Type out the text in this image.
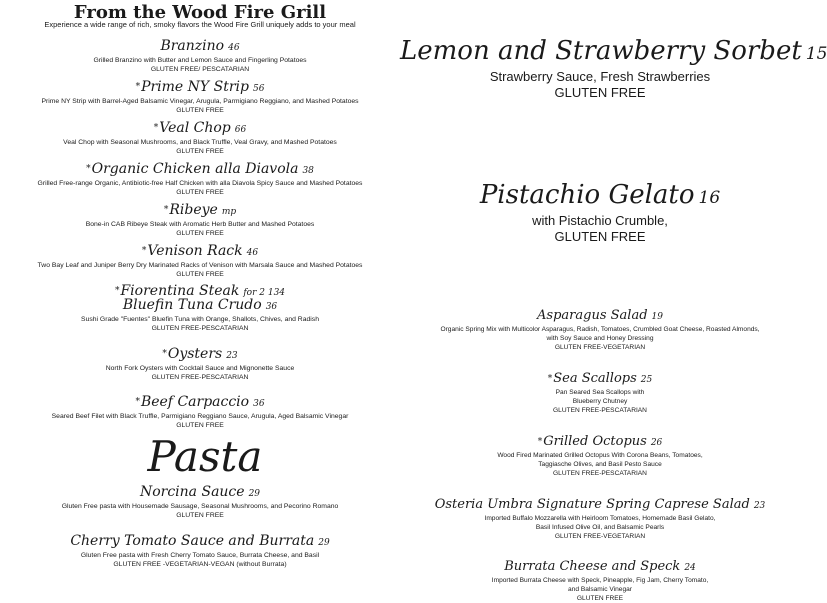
From the Wood Fire Grill
Experience a wide range of rich, smoky flavors the Wood Fire Grill uniquely adds to your meal
Branzino 46
Grilled Branzino with Butter and Lemon Sauce and Fingerling Potatoes
GLUTEN FREE/ PESCATARIAN
*Prime NY Strip 56
Prime NY Strip with Barrel-Aged Balsamic Vinegar, Arugula, Parmigiano Reggiano, and Mashed Potatoes
GLUTEN FREE
*Veal Chop 66
Veal Chop with Seasonal Mushrooms, and Black Truffle, Veal Gravy, and Mashed Potatoes
GLUTEN FREE
*Organic Chicken alla Diavola 38
Grilled Free-range Organic, Antibiotic-free Half Chicken with alla Diavola Spicy Sauce and Mashed Potatoes
GLUTEN FREE
*Ribeye mp
Bone-in CAB Ribeye Steak with Aromatic Herb Butter and Mashed Potatoes
GLUTEN FREE
*Venison Rack 46
Two Bay Leaf and Juniper Berry Dry Marinated Racks of Venison with Marsala Sauce and Mashed Potatoes
GLUTEN FREE
*Fiorentina Steak for 2 134
Bluefin Tuna Crudo 36
Sushi Grade "Fuentes" Bluefin Tuna with Orange, Shallots, Chives, and Radish
GLUTEN FREE-PESCATARIAN
*Oysters 23
North Fork Oysters with Cocktail Sauce and Mignonette Sauce
GLUTEN FREE-PESCATARIAN
*Beef Carpaccio 36
Seared Beef Filet with Black Truffle, Parmigiano Reggiano Sauce, Arugula, Aged Balsamic Vinegar
GLUTEN FREE
Pasta
Norcina Sauce 29
Gluten Free pasta with Housemade Sausage, Seasonal Mushrooms, and Pecorino Romano
GLUTEN FREE
Cherry Tomato Sauce and Burrata 29
Gluten Free pasta with Fresh Cherry Tomato Sauce, Burrata Cheese, and Basil
GLUTEN FREE -VEGETARIAN-VEGAN (without Burrata)
Lemon and Strawberry Sorbet 15
Strawberry Sauce, Fresh Strawberries
GLUTEN FREE
Pistachio Gelato 16
with Pistachio Crumble,
GLUTEN FREE
Asparagus Salad 19
Organic Spring Mix with Multicolor Asparagus, Radish, Tomatoes, Crumbled Goat Cheese, Roasted Almonds,
with Soy Sauce and Honey Dressing
GLUTEN FREE-VEGETARIAN
*Sea Scallops 25
Pan Seared Sea Scallops with
Blueberry Chutney
GLUTEN FREE-PESCATARIAN
*Grilled Octopus 26
Wood Fired Marinated Grilled Octopus With Corona Beans, Tomatoes,
Taggiasche Olives, and Basil Pesto Sauce
GLUTEN FREE-PESCATARIAN
Osteria Umbra Signature Spring Caprese Salad 23
Imported Buffalo Mozzarella with Heirloom Tomatoes, Homemade Basil Gelato,
Basil Infused Olive Oil, and Balsamic Pearls
GLUTEN FREE-VEGETARIAN
Burrata Cheese and Speck 24
Imported Burrata Cheese with Speck, Pineapple, Fig Jam, Cherry Tomato,
and Balsamic Vinegar
GLUTEN FREE
